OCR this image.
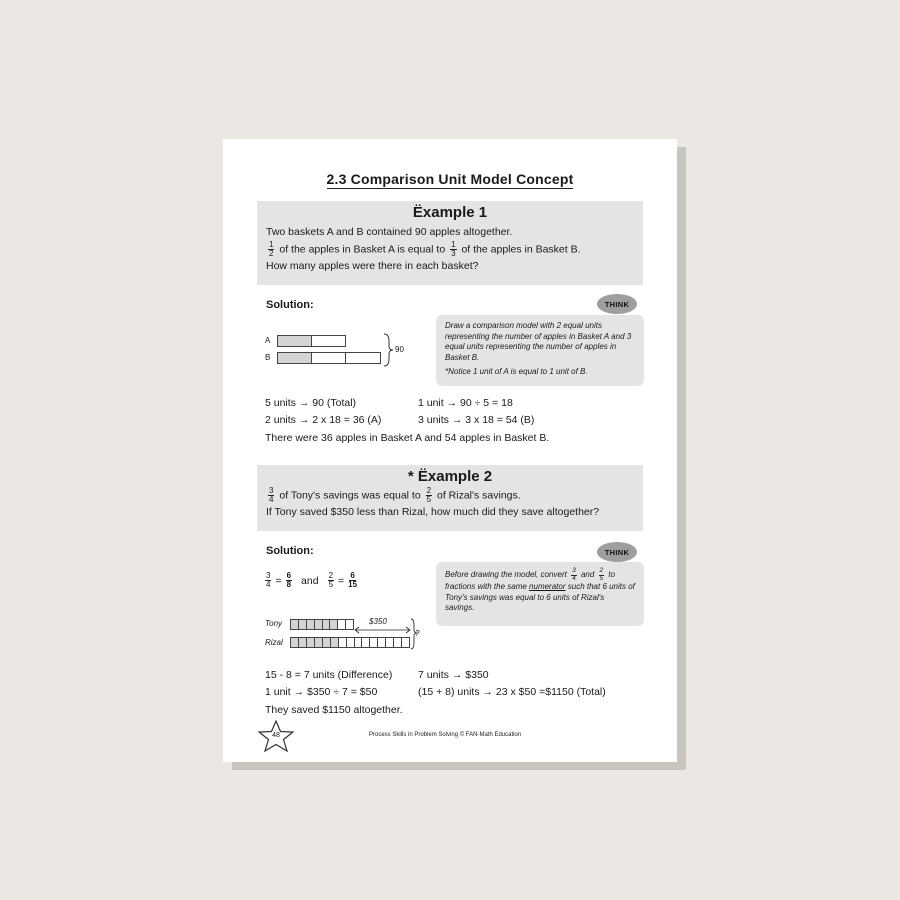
2.3 Comparison Unit Model Concept
Ëxample 1
Two baskets A and B contained 90 apples altogether.
$\frac{1}{2}$ of the apples in Basket A is equal to $\frac{1}{3}$ of the apples in Basket B.
How many apples were there in each basket?
Solution:	THINK
Draw a comparison model with 2 equal units representing the number of apples in Basket A and 3 equal units representing the number of apples in Basket B.
*Notice 1 unit of A is equal to 1 unit of B.
A
B
90
5 units → 90 (Total)	1 unit → 90 ÷ 5 = 18
2 units → 2 x 18 = 36 (A)	3 units → 3 x 18 = 54 (B)
There were 36 apples in Basket A and 54 apples in Basket B.
* Ëxample 2
$\frac{3}{4}$ of Tony's savings was equal to $\frac{2}{5}$ of Rizal's savings.
If Tony saved $350 less than Rizal, how much did they save altogether?
Solution:	THINK
$\frac{3}{4} = \frac{6}{8}$ and $\frac{2}{5} = \frac{6}{15}$	Before drawing the model, convert $\frac{3}{4}$ and $\frac{2}{5}$ to fractions with the same numerator such that 6 units of Tony's savings was equal to 6 units of Rizal's savings.
Tony
Rizal
$350
?
15 - 8 = 7 units (Difference) 7 units → $350
1 unit → $350 ÷ 7 = $50	(15 + 8) units → 23 x $50 =$1150 (Total)
They saved $1150 altogether.
48	Process Skills in Problem Solving © FAN-Math Education
